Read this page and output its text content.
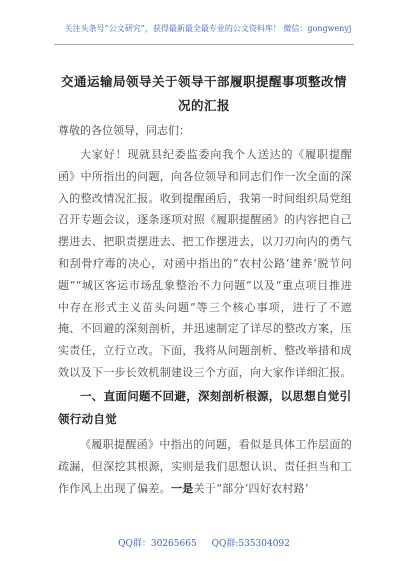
关注头条号“公文研究”，获得最新最全最专业的公文资料库！ 微信：gongwenyj
交通运输局领导关于领导干部履职提醒事项整改情况的汇报
尊敬的各位领导，同志们：
大家好！现就县纪委监委向我个人送达的《履职提醒函》中所指出的问题，向各位领导和同志们作一次全面的深入的整改情况汇报。收到提醒函后，我第一时间组织局党组召开专题会议，逐条逐项对照《履职提醒函》的内容把自己摆进去、把职责摆进去、把工作摆进去，以刀刃向内的勇气和刮骨疗毒的决心，对函中指出的“农村公路‘建养’脱节问题”“城区客运市场乱象整治不力问题”以及“重点项目推进中存在形式主义苗头问题”等三个核心事项，进行了不遮掩、不回避的深刻剖析，并迅速制定了详尽的整改方案，压实责任，立行立改。下面，我将从问题剖析、整改举措和成效以及下一步长效机制建设三个方面，向大家作详细汇报。
一、直面问题不回避，深刻剖析根源，以思想自觉引领行动自觉
《履职提醒函》中指出的问题，看似是具体工作层面的疏漏，但深挖其根源，实则是我们思想认识、责任担当和工作作风上出现了偏差。一是关于“部分‘四好农村路’
QQ群：30265665 QQ群:535304092
